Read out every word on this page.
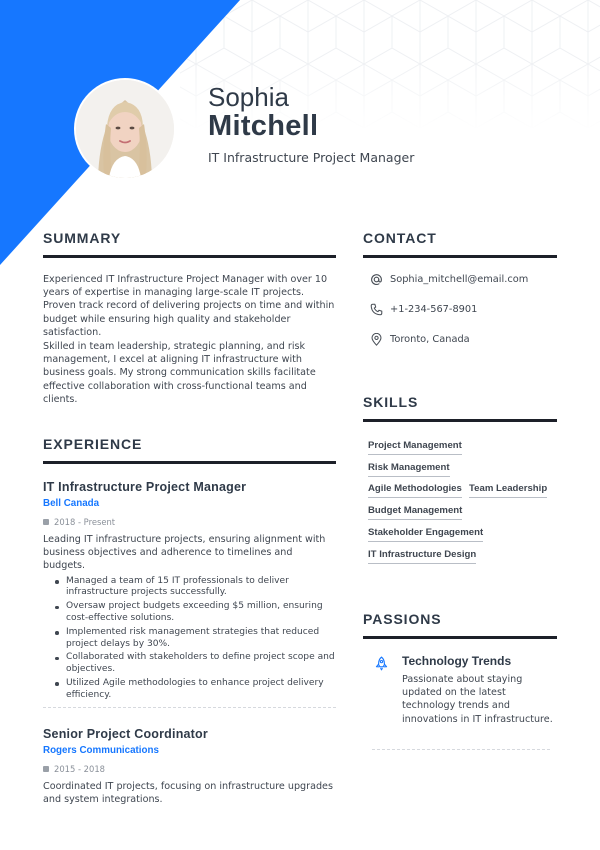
Sophia
Mitchell
IT Infrastructure Project Manager
SUMMARY
Experienced IT Infrastructure Project Manager with over 10 years of expertise in managing large-scale IT projects. Proven track record of delivering projects on time and within budget while ensuring high quality and stakeholder satisfaction.
Skilled in team leadership, strategic planning, and risk management, I excel at aligning IT infrastructure with business goals. My strong communication skills facilitate effective collaboration with cross-functional teams and clients.
EXPERIENCE
IT Infrastructure Project Manager
Bell Canada
2018 - Present
Leading IT infrastructure projects, ensuring alignment with business objectives and adherence to timelines and budgets.
Managed a team of 15 IT professionals to deliver infrastructure projects successfully.
Oversaw project budgets exceeding $5 million, ensuring cost-effective solutions.
Implemented risk management strategies that reduced project delays by 30%.
Collaborated with stakeholders to define project scope and objectives.
Utilized Agile methodologies to enhance project delivery efficiency.
Senior Project Coordinator
Rogers Communications
2015 - 2018
Coordinated IT projects, focusing on infrastructure upgrades and system integrations.
CONTACT
Sophia_mitchell@email.com
+1-234-567-8901
Toronto, Canada
SKILLS
Project Management
Risk Management
Agile Methodologies Team Leadership
Budget Management
Stakeholder Engagement
IT Infrastructure Design
PASSIONS
Technology Trends
Passionate about staying updated on the latest technology trends and innovations in IT infrastructure.
